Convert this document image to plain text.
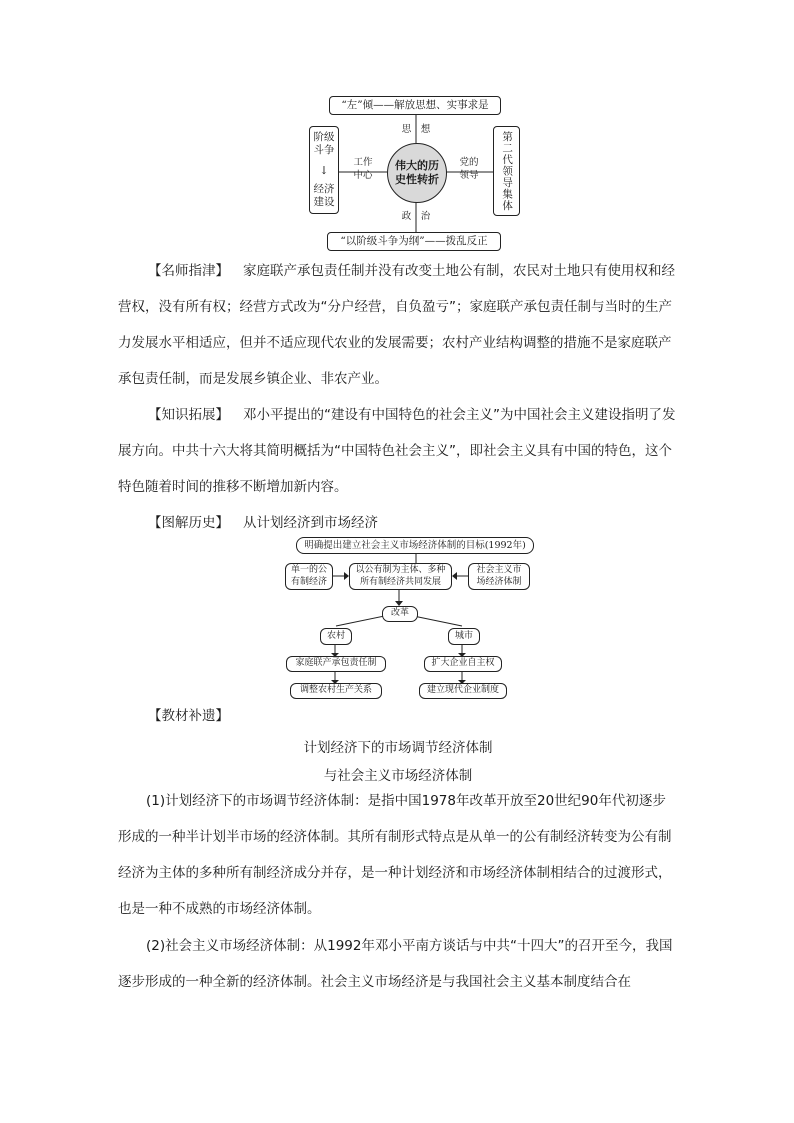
“左”倾——解放思想、实事求是
“以阶级斗争为纲”——拨乱反正
阶级斗争
↓
经济建设	第二代领导集体
伟大的历史性转折
思　想
政　治
工作中心
党的领导
【名师指津】 家庭联产承包责任制并没有改变土地公有制，农民对土地只有使用权和经营权，没有所有权；经营方式改为“分户经营，自负盈亏”；家庭联产承包责任制与当时的生产力发展水平相适应，但并不适应现代农业的发展需要；农村产业结构调整的措施不是家庭联产承包责任制，而是发展乡镇企业、非农产业。
【知识拓展】 邓小平提出的“建设有中国特色的社会主义”为中国社会主义建设指明了发展方向。中共十六大将其简明概括为“中国特色社会主义”，即社会主义具有中国的特色，这个特色随着时间的推移不断增加新内容。
【图解历史】 从计划经济到市场经济
明确提出建立社会主义市场经济体制的目标(1992年)
单一的公有制经济
以公有制为主体、多种所有制经济共同发展
社会主义市场经济体制
改革
农村	城市
家庭联产承包责任制
调整农村生产关系
扩大企业自主权
建立现代企业制度
【教材补遗】
计划经济下的市场调节经济体制
与社会主义市场经济体制
(1)计划经济下的市场调节经济体制：是指中国1978年改革开放至20世纪90年代初逐步形成的一种半计划半市场的经济体制。其所有制形式特点是从单一的公有制经济转变为公有制经济为主体的多种所有制经济成分并存，是一种计划经济和市场经济体制相结合的过渡形式，也是一种不成熟的市场经济体制。
(2)社会主义市场经济体制：从1992年邓小平南方谈话与中共“十四大”的召开至今，我国逐步形成的一种全新的经济体制。社会主义市场经济是与我国社会主义基本制度结合在
